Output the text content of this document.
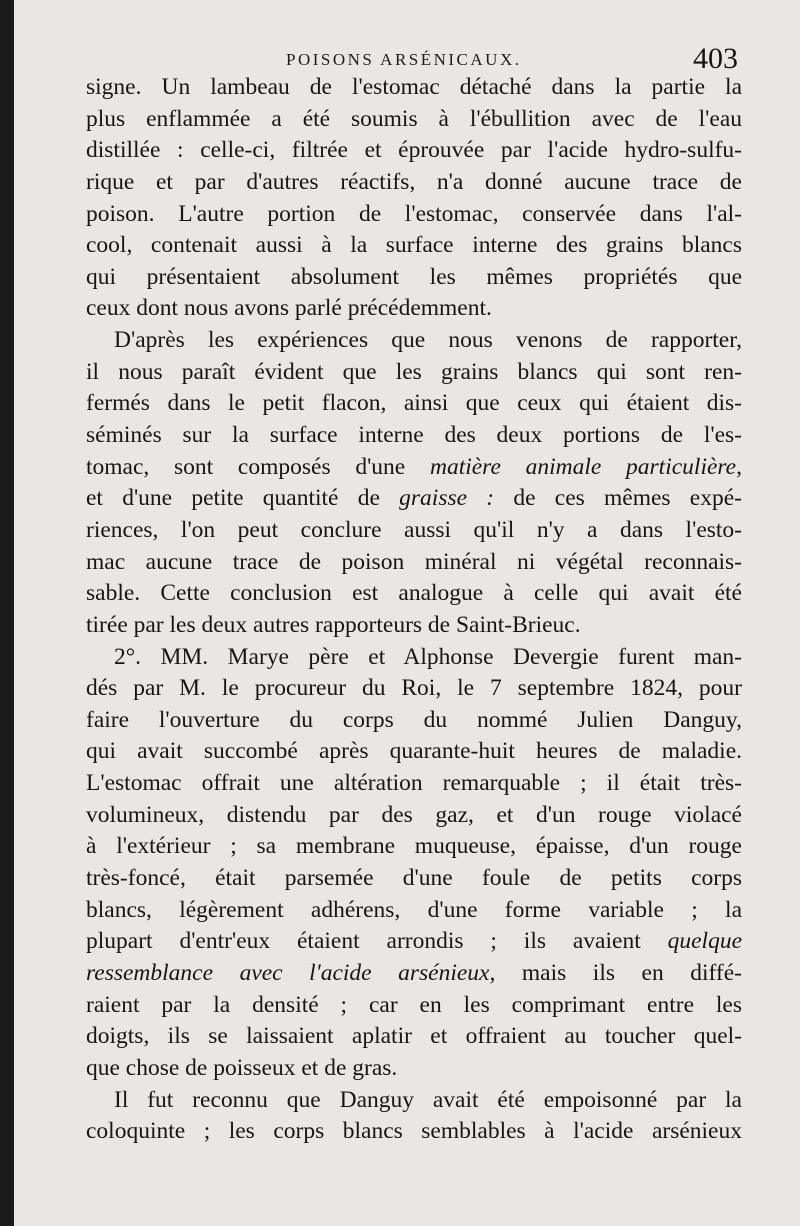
POISONS ARSÉNICAUX.	403
signe. Un lambeau de l'estomac détaché dans la partie la
plus enflammée a été soumis à l'ébullition avec de l'eau
distillée : celle-ci, filtrée et éprouvée par l'acide hydro-sulfu-
rique et par d'autres réactifs, n'a donné aucune trace de
poison. L'autre portion de l'estomac, conservée dans l'al-
cool, contenait aussi à la surface interne des grains blancs
qui présentaient absolument les mêmes propriétés que
ceux dont nous avons parlé précédemment.
D'après les expériences que nous venons de rapporter,
il nous paraît évident que les grains blancs qui sont ren-
fermés dans le petit flacon, ainsi que ceux qui étaient dis-
séminés sur la surface interne des deux portions de l'es-
tomac, sont composés d'une matière animale particulière,
et d'une petite quantité de graisse : de ces mêmes expé-
riences, l'on peut conclure aussi qu'il n'y a dans l'esto-
mac aucune trace de poison minéral ni végétal reconnais-
sable. Cette conclusion est analogue à celle qui avait été
tirée par les deux autres rapporteurs de Saint-Brieuc.
2°. MM. Marye père et Alphonse Devergie furent man-
dés par M. le procureur du Roi, le 7 septembre 1824, pour
faire l'ouverture du corps du nommé Julien Danguy,
qui avait succombé après quarante-huit heures de maladie.
L'estomac offrait une altération remarquable ; il était très-
volumineux, distendu par des gaz, et d'un rouge violacé
à l'extérieur ; sa membrane muqueuse, épaisse, d'un rouge
très-foncé, était parsemée d'une foule de petits corps
blancs, légèrement adhérens, d'une forme variable ; la
plupart d'entr'eux étaient arrondis ; ils avaient quelque
ressemblance avec l'acide arsénieux, mais ils en diffé-
raient par la densité ; car en les comprimant entre les
doigts, ils se laissaient aplatir et offraient au toucher quel-
que chose de poisseux et de gras.
Il fut reconnu que Danguy avait été empoisonné par la
coloquinte ; les corps blancs semblables à l'acide arsénieux
